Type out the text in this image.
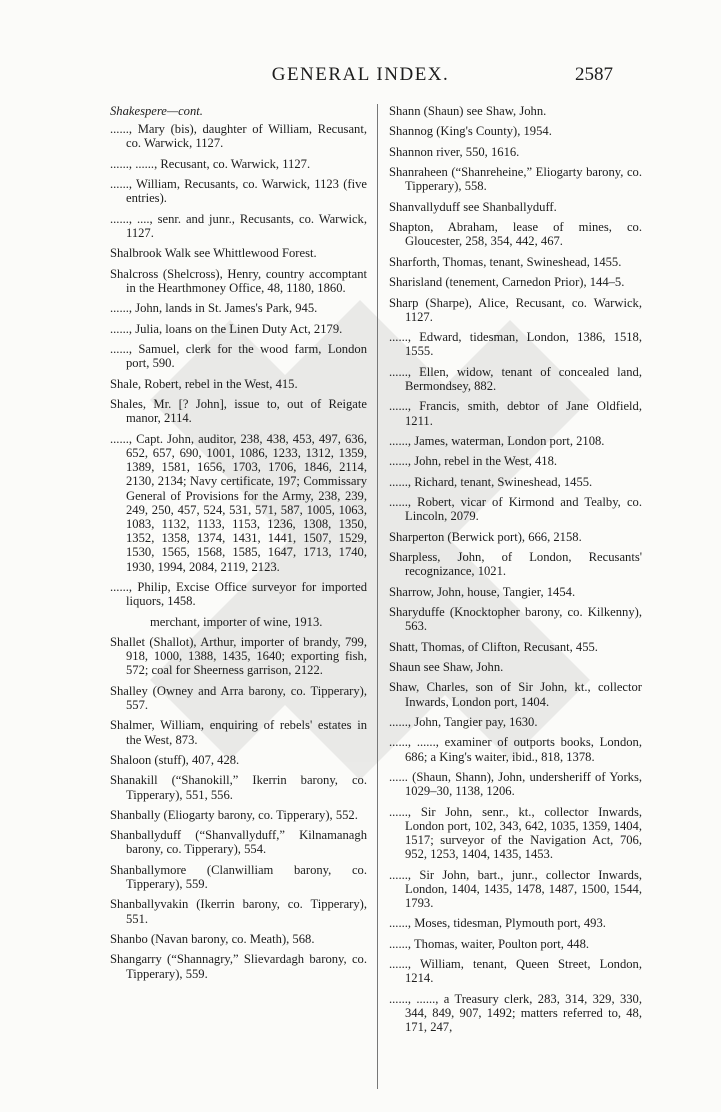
GENERAL INDEX.	2587

Shakespere—cont.

......, Mary (bis), daughter of William, Recusant, co. Warwick, 1127.

......, ......, Recusant, co. Warwick, 1127.

......, William, Recusants, co. Warwick, 1123 (five entries).

......, ...., senr. and junr., Recusants, co. Warwick, 1127.

Shalbrook Walk see Whittlewood Forest.

Shalcross (Shelcross), Henry, country accomptant in the Hearthmoney Office, 48, 1180, 1860.

......, John, lands in St. James's Park, 945.

......, Julia, loans on the Linen Duty Act, 2179.

......, Samuel, clerk for the wood farm, London port, 590.

Shale, Robert, rebel in the West, 415.

Shales, Mr. [? John], issue to, out of Reigate manor, 2114.

......, Capt. John, auditor, 238, 438, 453, 497, 636, 652, 657, 690, 1001, 1086, 1233, 1312, 1359, 1389, 1581, 1656, 1703, 1706, 1846, 2114, 2130, 2134; Navy certificate, 197; Commissary General of Provisions for the Army, 238, 239, 249, 250, 457, 524, 531, 571, 587, 1005, 1063, 1083, 1132, 1133, 1153, 1236, 1308, 1350, 1352, 1358, 1374, 1431, 1441, 1507, 1529, 1530, 1565, 1568, 1585, 1647, 1713, 1740, 1930, 1994, 2084, 2119, 2123.

......, Philip, Excise Office surveyor for imported liquors, 1458.

merchant, importer of wine, 1913.

Shallet (Shallot), Arthur, importer of brandy, 799, 918, 1000, 1388, 1435, 1640; exporting fish, 572; coal for Sheerness garrison, 2122.

Shalley (Owney and Arra barony, co. Tipperary), 557.

Shalmer, William, enquiring of rebels' estates in the West, 873.

Shaloon (stuff), 407, 428.

Shanakill (“Shanokill,” Ikerrin barony, co. Tipperary), 551, 556.

Shanbally (Eliogarty barony, co. Tipperary), 552.

Shanballyduff (“Shanvallyduff,” Kilnamanagh barony, co. Tipperary), 554.

Shanballymore (Clanwilliam barony, co. Tipperary), 559.

Shanballyvakin (Ikerrin barony, co. Tipperary), 551.

Shanbo (Navan barony, co. Meath), 568.

Shangarry (“Shannagry,” Slievardagh barony, co. Tipperary), 559.

Shann (Shaun) see Shaw, John.

Shannog (King's County), 1954.

Shannon river, 550, 1616.

Shanraheen (“Shanreheine,” Eliogarty barony, co. Tipperary), 558.

Shanvallyduff see Shanballyduff.

Shapton, Abraham, lease of mines, co. Gloucester, 258, 354, 442, 467.

Sharforth, Thomas, tenant, Swineshead, 1455.

Sharisland (tenement, Carnedon Prior), 144–5.

Sharp (Sharpe), Alice, Recusant, co. Warwick, 1127.

......, Edward, tidesman, London, 1386, 1518, 1555.

......, Ellen, widow, tenant of concealed land, Bermondsey, 882.

......, Francis, smith, debtor of Jane Oldfield, 1211.

......, James, waterman, London port, 2108.

......, John, rebel in the West, 418.

......, Richard, tenant, Swineshead, 1455.

......, Robert, vicar of Kirmond and Tealby, co. Lincoln, 2079.

Sharperton (Berwick port), 666, 2158.

Sharpless, John, of London, Recusants' recognizance, 1021.

Sharrow, John, house, Tangier, 1454.

Sharyduffe (Knocktopher barony, co. Kilkenny), 563.

Shatt, Thomas, of Clifton, Recusant, 455.

Shaun see Shaw, John.

Shaw, Charles, son of Sir John, kt., collector Inwards, London port, 1404.

......, John, Tangier pay, 1630.

......, ......, examiner of outports books, London, 686; a King's waiter, ibid., 818, 1378.

...... (Shaun, Shann), John, undersheriff of Yorks, 1029–30, 1138, 1206.

......, Sir John, senr., kt., collector Inwards, London port, 102, 343, 642, 1035, 1359, 1404, 1517; surveyor of the Navigation Act, 706, 952, 1253, 1404, 1435, 1453.

......, Sir John, bart., junr., collector Inwards, London, 1404, 1435, 1478, 1487, 1500, 1544, 1793.

......, Moses, tidesman, Plymouth port, 493.

......, Thomas, waiter, Poulton port, 448.

......, William, tenant, Queen Street, London, 1214.

......, ......, a Treasury clerk, 283, 314, 329, 330, 344, 849, 907, 1492; matters referred to, 48, 171, 247,
